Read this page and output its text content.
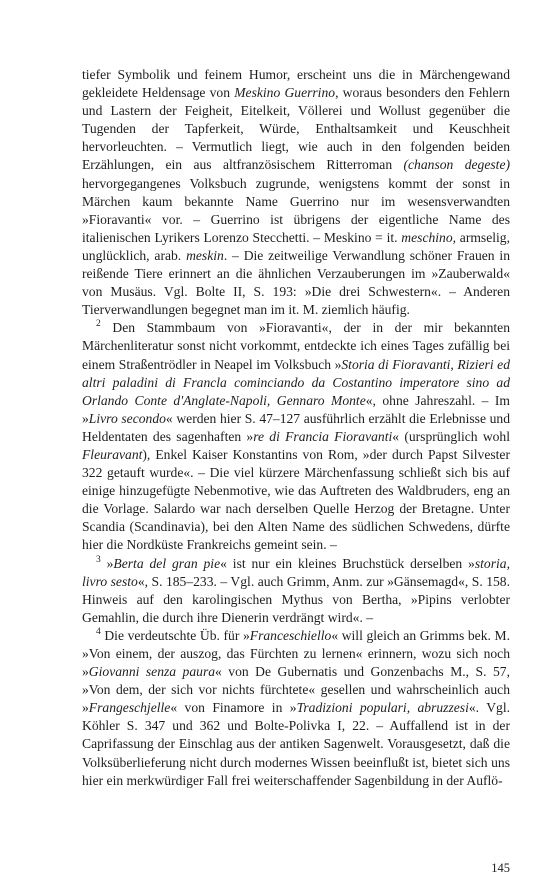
tiefer Symbolik und feinem Humor, erscheint uns die in Märchengewand gekleidete Heldensage von Meskino Guerrino, woraus besonders den Fehlern und Lastern der Feigheit, Eitelkeit, Völlerei und Wollust gegenüber die Tugenden der Tapferkeit, Würde, Enthaltsamkeit und Keuschheit hervorleuchten. – Vermutlich liegt, wie auch in den folgenden beiden Erzählungen, ein aus altfranzösischem Ritterroman (chanson degeste) hervorgegangenes Volksbuch zugrunde, wenigstens kommt der sonst in Märchen kaum bekannte Name Guerrino nur im wesensverwandten »Fioravanti« vor. – Guerrino ist übrigens der eigentliche Name des italienischen Lyrikers Lorenzo Stecchetti. – Meskino = it. meschino, armselig, unglücklich, arab. meskin. – Die zeitweilige Verwandlung schöner Frauen in reißende Tiere erinnert an die ähnlichen Verzauberungen im »Zauberwald« von Musäus. Vgl. Bolte II, S. 193: »Die drei Schwestern«. – Anderen Tierverwandlungen begegnet man im it. M. ziemlich häufig.

$^2$ Den Stammbaum von »Fioravanti«, der in der mir bekannten Märchenliteratur sonst nicht vorkommt, entdeckte ich eines Tages zufällig bei einem Straßentrödler in Neapel im Volksbuch »Storia di Fioravanti, Rizieri ed altri paladini di Francla cominciando da Costantino imperatore sino ad Orlando Conte d'Anglate-Napoli, Gennaro Monte«, ohne Jahreszahl. – Im »Livro secondo« werden hier S. 47–127 ausführlich erzählt die Erlebnisse und Heldentaten des sagenhaften »re di Francia Fioravanti« (ursprünglich wohl Fleuravant), Enkel Kaiser Konstantins von Rom, »der durch Papst Silvester 322 getauft wurde«. – Die viel kürzere Märchenfassung schließt sich bis auf einige hinzugefügte Nebenmotive, wie das Auftreten des Waldbruders, eng an die Vorlage. Salardo war nach derselben Quelle Herzog der Bretagne. Unter Scandia (Scandinavia), bei den Alten Name des südlichen Schwedens, dürfte hier die Nordküste Frankreichs gemeint sein. –

$^3$ »Berta del gran pie« ist nur ein kleines Bruchstück derselben »storia, livro sesto«, S. 185–233. – Vgl. auch Grimm, Anm. zur »Gänsemagd«, S. 158. Hinweis auf den karolingischen Mythus von Bertha, »Pipins verlobter Gemahlin, die durch ihre Dienerin verdrängt wird«. –

$^4$ Die verdeutschte Üb. für »Franceschiello« will gleich an Grimms bek. M. »Von einem, der auszog, das Fürchten zu lernen« erinnern, wozu sich noch »Giovanni senza paura« von De Gubernatis und Gonzenbachs M., S. 57, »Von dem, der sich vor nichts fürchtete« gesellen und wahrscheinlich auch »Frangeschjelle« von Finamore in »Tradizioni populari, abruzzesi«. Vgl. Köhler S. 347 und 362 und Bolte-Polivka I, 22. – Auffallend ist in der Caprifassung der Einschlag aus der antiken Sagenwelt. Vorausgesetzt, daß die Volksüberlieferung nicht durch modernes Wissen beeinflußt ist, bietet sich uns hier ein merkwürdiger Fall frei weiterschaffender Sagenbildung in der Auflö-

145
